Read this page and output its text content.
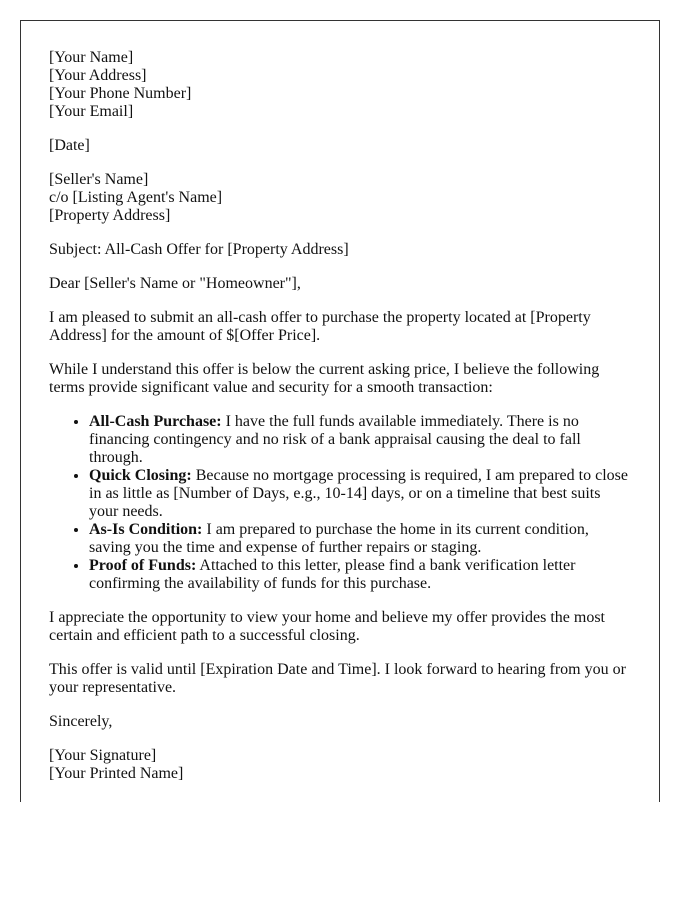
[Your Name]
[Your Address]
[Your Phone Number]
[Your Email]

[Date]

[Seller's Name]
c/o [Listing Agent's Name]
[Property Address]

Subject: All-Cash Offer for [Property Address]

Dear [Seller's Name or "Homeowner"],

I am pleased to submit an all-cash offer to purchase the property located at [Property Address] for the amount of $[Offer Price].

While I understand this offer is below the current asking price, I believe the following terms provide significant value and security for a smooth transaction:

• All-Cash Purchase: I have the full funds available immediately. There is no financing contingency and no risk of a bank appraisal causing the deal to fall through.
• Quick Closing: Because no mortgage processing is required, I am prepared to close in as little as [Number of Days, e.g., 10-14] days, or on a timeline that best suits your needs.
• As-Is Condition: I am prepared to purchase the home in its current condition, saving you the time and expense of further repairs or staging.
• Proof of Funds: Attached to this letter, please find a bank verification letter confirming the availability of funds for this purchase.

I appreciate the opportunity to view your home and believe my offer provides the most certain and efficient path to a successful closing.

This offer is valid until [Expiration Date and Time]. I look forward to hearing from you or your representative.

Sincerely,

[Your Signature]
[Your Printed Name]
